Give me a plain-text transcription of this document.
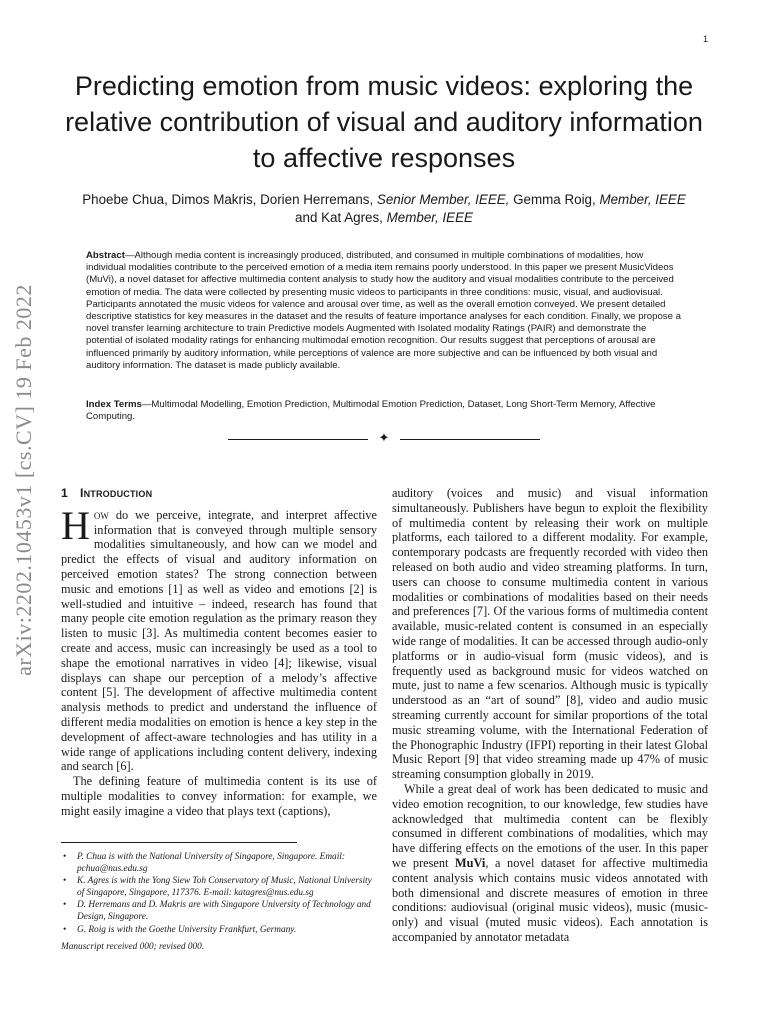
1
arXiv:2202.10453v1 [cs.CV] 19 Feb 2022
Predicting emotion from music videos: exploring the relative contribution of visual and auditory information to affective responses
Phoebe Chua, Dimos Makris, Dorien Herremans, Senior Member, IEEE, Gemma Roig, Member, IEEE
and Kat Agres, Member, IEEE
Abstract—Although media content is increasingly produced, distributed, and consumed in multiple combinations of modalities, how individual modalities contribute to the perceived emotion of a media item remains poorly understood. In this paper we present MusicVideos (MuVi), a novel dataset for affective multimedia content analysis to study how the auditory and visual modalities contribute to the perceived emotion of media. The data were collected by presenting music videos to participants in three conditions: music, visual, and audiovisual. Participants annotated the music videos for valence and arousal over time, as well as the overall emotion conveyed. We present detailed descriptive statistics for key measures in the dataset and the results of feature importance analyses for each condition. Finally, we propose a novel transfer learning architecture to train Predictive models Augmented with Isolated modality Ratings (PAIR) and demonstrate the potential of isolated modality ratings for enhancing multimodal emotion recognition. Our results suggest that perceptions of arousal are influenced primarily by auditory information, while perceptions of valence are more subjective and can be influenced by both visual and auditory information. The dataset is made publicly available.
Index Terms—Multimodal Modelling, Emotion Prediction, Multimodal Emotion Prediction, Dataset, Long Short-Term Memory, Affective Computing.
✦
1 Introduction

How do we perceive, integrate, and interpret affective information that is conveyed through multiple sensory modalities simultaneously, and how can we model and predict the effects of visual and auditory information on perceived emotion states? The strong connection between music and emotions [1] as well as video and emotions [2] is well-studied and intuitive – indeed, research has found that many people cite emotion regulation as the primary reason they listen to music [3]. As multimedia content becomes easier to create and access, music can increasingly be used as a tool to shape the emotional narratives in video [4]; likewise, visual displays can shape our perception of a melody’s affective content [5]. The development of affective multimedia content analysis methods to predict and understand the influence of different media modalities on emotion is hence a key step in the development of affect-aware technologies and has utility in a wide range of applications including content delivery, indexing and search [6].

The defining feature of multimedia content is its use of multiple modalities to convey information: for example, we might easily imagine a video that plays text (captions),

auditory (voices and music) and visual information simultaneously. Publishers have begun to exploit the flexibility of multimedia content by releasing their work on multiple platforms, each tailored to a different modality. For example, contemporary podcasts are frequently recorded with video then released on both audio and video streaming platforms. In turn, users can choose to consume multimedia content in various modalities or combinations of modalities based on their needs and preferences [7]. Of the various forms of multimedia content available, music-related content is consumed in an especially wide range of modalities. It can be accessed through audio-only platforms or in audio-visual form (music videos), and is frequently used as background music for videos watched on mute, just to name a few scenarios. Although music is typically understood as an “art of sound” [8], video and audio music streaming currently account for similar proportions of the total music streaming volume, with the International Federation of the Phonographic Industry (IFPI) reporting in their latest Global Music Report [9] that video streaming made up 47% of music streaming consumption globally in 2019.

While a great deal of work has been dedicated to music and video emotion recognition, to our knowledge, few studies have acknowledged that multimedia content can be flexibly consumed in different combinations of modalities, which may have differing effects on the emotions of the user. In this paper we present MuVi, a novel dataset for affective multimedia content analysis which contains music videos annotated with both dimensional and discrete measures of emotion in three conditions: audiovisual (original music videos), music (music-only) and visual (muted music videos). Each annotation is accompanied by annotator metadata

• P. Chua is with the National University of Singapore, Singapore. Email: pchua@nus.edu.sg
• K. Agres is with the Yong Siew Toh Conservatory of Music, National University of Singapore, Singapore, 117376. E-mail: katagres@nus.edu.sg
• D. Herremans and D. Makris are with Singapore University of Technology and Design, Singapore.
• G. Roig is with the Goethe University Frankfurt, Germany.
Manuscript received 000; revised 000.
